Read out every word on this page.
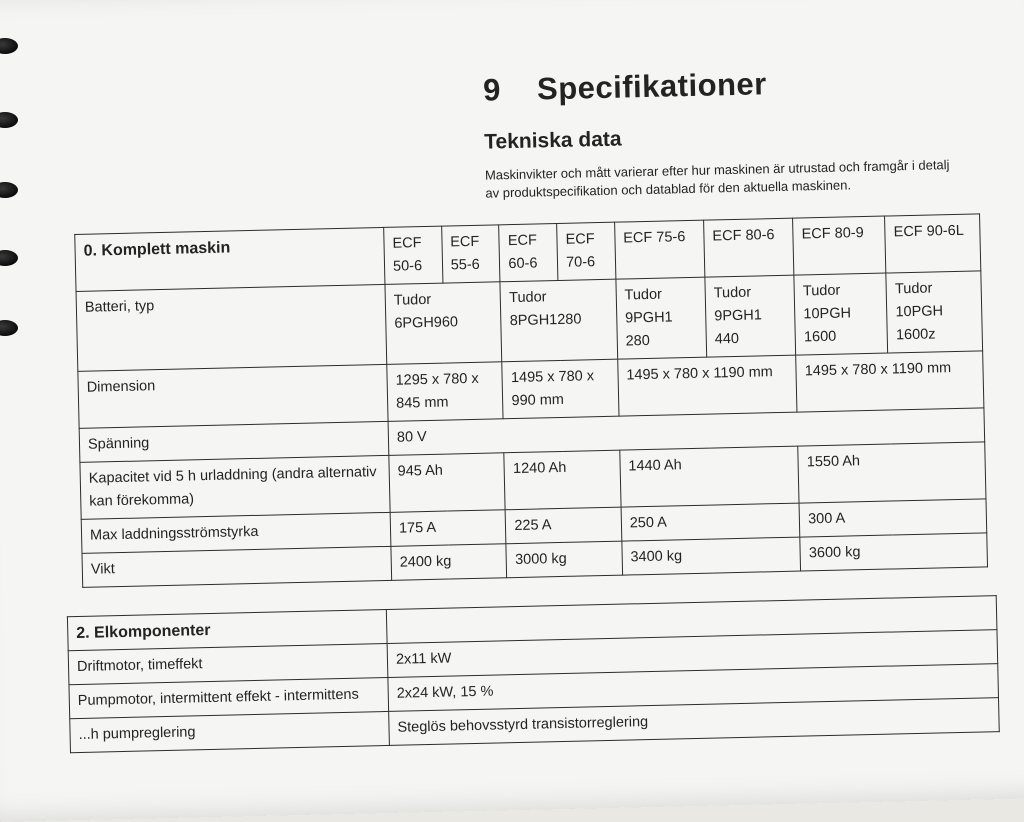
9 Specifikationer
Tekniska data
Maskinvikter och mått varierar efter hur maskinen är utrustad och framgår i detalj av produktspecifikation och datablad för den aktuella maskinen.
0. Komplett maskin	ECF 50-6	ECF 55-6	ECF 60-6	ECF 70-6	ECF 75-6	ECF 80-6	ECF 80-9	ECF 90-6L
Batteri, typ	Tudor 6PGH960		Tudor 8PGH1280		Tudor 9PGH1 280	Tudor 9PGH1 440	Tudor 10PGH 1600	Tudor 10PGH 1600z
Dimension	1295 x 780 x 845 mm		1495 x 780 x 990 mm		1495 x 780 x 1190 mm		1495 x 780 x 1190 mm	
Spänning	80 V							
Kapacitet vid 5 h urladdning (andra alternativ kan förekomma)	945 Ah		1240 Ah		1440 Ah		1550 Ah	
Max laddningsströmstyrka	175 A		225 A		250 A		300 A	
Vikt	2400 kg		3000 kg		3400 kg		3600 kg	
2. Elkomponenter	
Driftmotor, timeffekt	2x11 kW
Pumpmotor, intermittent effekt - intermittens	2x24 kW, 15 %
...h pumpreglering	Steglös behovsstyrd transistorreglering
